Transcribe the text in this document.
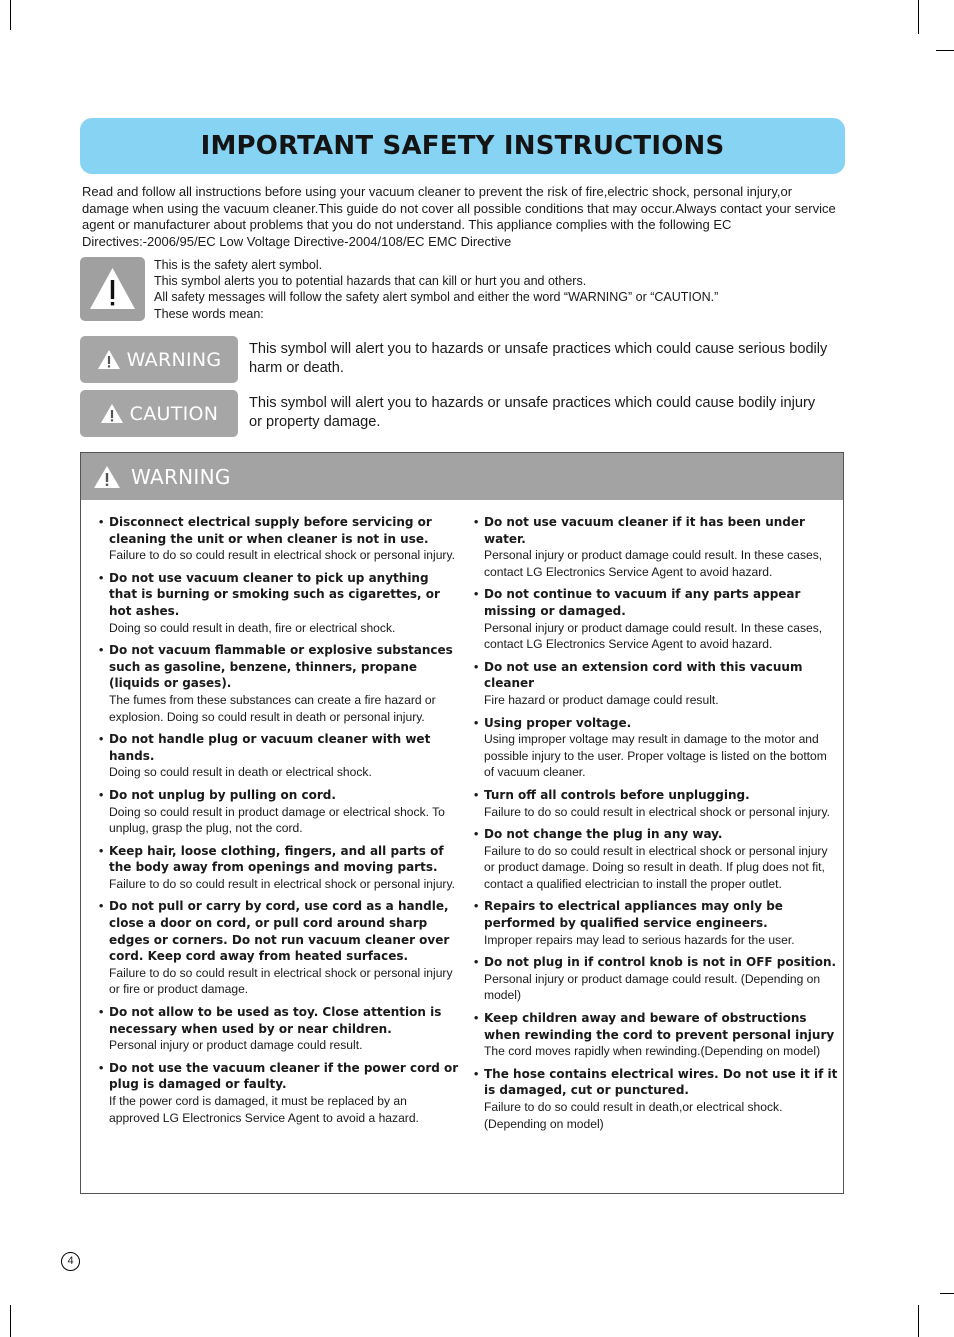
IMPORTANT SAFETY INSTRUCTIONS

Read and follow all instructions before using your vacuum cleaner to prevent the risk of fire,electric shock, personal injury,or damage when using the vacuum cleaner.This guide do not cover all possible conditions that may occur.Always contact your service agent or manufacturer about problems that you do not understand. This appliance complies with the following EC Directives:-2006/95/EC Low Voltage Directive-2004/108/EC EMC Directive

This is the safety alert symbol.
This symbol alerts you to potential hazards that can kill or hurt you and others.
All safety messages will follow the safety alert symbol and either the word “WARNING” or “CAUTION.”
These words mean:
WARNING This symbol will alert you to hazards or unsafe practices which could cause serious bodily harm or death.
CAUTION This symbol will alert you to hazards or unsafe practices which could cause bodily injury or property damage.
WARNING
• Disconnect electrical supply before servicing or cleaning the unit or when cleaner is not in use.
Failure to do so could result in electrical shock or personal injury.
• Do not use vacuum cleaner to pick up anything that is burning or smoking such as cigarettes, or hot ashes.
Doing so could result in death, fire or electrical shock.
• Do not vacuum flammable or explosive substances such as gasoline, benzene, thinners, propane (liquids or gases).
The fumes from these substances can create a fire hazard or explosion. Doing so could result in death or personal injury.
• Do not handle plug or vacuum cleaner with wet hands.
Doing so could result in death or electrical shock.
• Do not unplug by pulling on cord.
Doing so could result in product damage or electrical shock. To unplug, grasp the plug, not the cord.
• Keep hair, loose clothing, fingers, and all parts of the body away from openings and moving parts.
Failure to do so could result in electrical shock or personal injury.
• Do not pull or carry by cord, use cord as a handle, close a door on cord, or pull cord around sharp edges or corners. Do not run vacuum cleaner over cord. Keep cord away from heated surfaces.
Failure to do so could result in electrical shock or personal injury or fire or product damage.
• Do not allow to be used as toy. Close attention is necessary when used by or near children.
Personal injury or product damage could result.
• Do not use the vacuum cleaner if the power cord or plug is damaged or faulty.
If the power cord is damaged, it must be replaced by an approved LG Electronics Service Agent to avoid a hazard.
• Do not use vacuum cleaner if it has been under water.
Personal injury or product damage could result. In these cases, contact LG Electronics Service Agent to avoid hazard.
• Do not continue to vacuum if any parts appear missing or damaged.
Personal injury or product damage could result. In these cases, contact LG Electronics Service Agent to avoid hazard.
• Do not use an extension cord with this vacuum cleaner
Fire hazard or product damage could result.
• Using proper voltage.
Using improper voltage may result in damage to the motor and possible injury to the user. Proper voltage is listed on the bottom of vacuum cleaner.
• Turn off all controls before unplugging.
Failure to do so could result in electrical shock or personal injury.
• Do not change the plug in any way.
Failure to do so could result in electrical shock or personal injury or product damage. Doing so result in death. If plug does not fit, contact a qualified electrician to install the proper outlet.
• Repairs to electrical appliances may only be performed by qualified service engineers.
Improper repairs may lead to serious hazards for the user.
• Do not plug in if control knob is not in OFF position.
Personal injury or product damage could result. (Depending on model)
• Keep children away and beware of obstructions when rewinding the cord to prevent personal injury
The cord moves rapidly when rewinding.(Depending on model)
• The hose contains electrical wires. Do not use it if it is damaged, cut or punctured.
Failure to do so could result in death,or electrical shock. (Depending on model)
4
